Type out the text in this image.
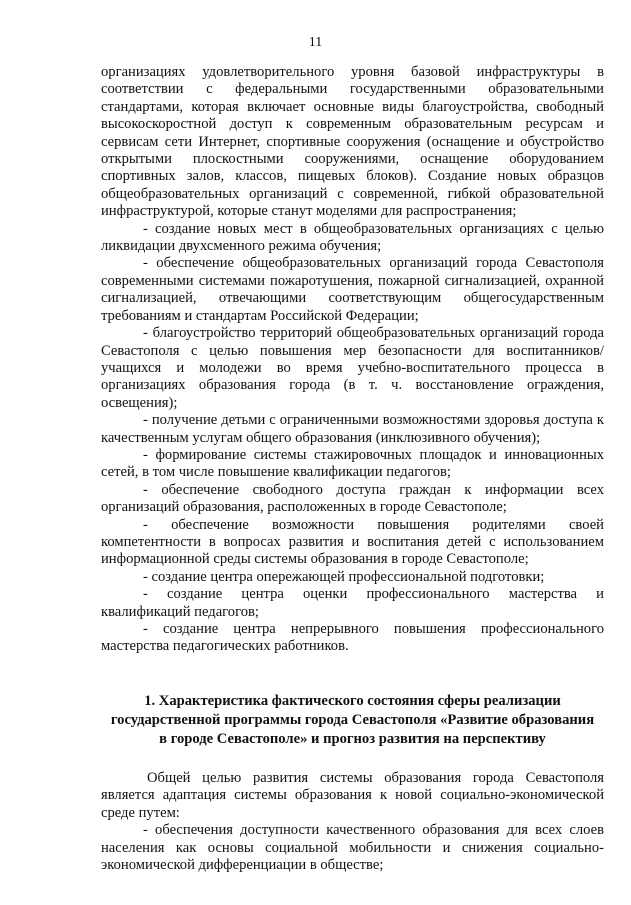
11

организациях удовлетворительного уровня базовой инфраструктуры в соответствии с федеральными государственными образовательными стандартами, которая включает основные виды благоустройства, свободный высокоскоростной доступ к современным образовательным ресурсам и сервисам сети Интернет, спортивные сооружения (оснащение и обустройство открытыми плоскостными сооружениями, оснащение оборудованием спортивных залов, классов, пищевых блоков). Создание новых образцов общеобразовательных организаций с современной, гибкой образовательной инфраструктурой, которые станут моделями для распространения;

- создание новых мест в общеобразовательных организациях с целью ликвидации двухсменного режима обучения;

- обеспечение общеобразовательных организаций города Севастополя современными системами пожаротушения, пожарной сигнализацией, охранной сигнализацией, отвечающими соответствующим общегосударственным требованиям и стандартам Российской Федерации;

- благоустройство территорий общеобразовательных организаций города Севастополя с целью повышения мер безопасности для воспитанников/учащихся и молодежи во время учебно-воспитательного процесса в организациях образования города (в т. ч. восстановление ограждения, освещения);

- получение детьми с ограниченными возможностями здоровья доступа к качественным услугам общего образования (инклюзивного обучения);

- формирование системы стажировочных площадок и инновационных сетей, в том числе повышение квалификации педагогов;

- обеспечение свободного доступа граждан к информации всех организаций образования, расположенных в городе Севастополе;

- обеспечение возможности повышения родителями своей компетентности в вопросах развития и воспитания детей с использованием информационной среды системы образования в городе Севастополе;

- создание центра опережающей профессиональной подготовки;

- создание центра оценки профессионального мастерства и квалификаций педагогов;

- создание центра непрерывного повышения профессионального мастерства педагогических работников.

1. Характеристика фактического состояния сферы реализации
государственной программы города Севастополя «Развитие образования
в городе Севастополе» и прогноз развития на перспективу

Общей целью развития системы образования города Севастополя является адаптация системы образования к новой социально-экономической среде путем:

- обеспечения доступности качественного образования для всех слоев населения как основы социальной мобильности и снижения социально-экономической дифференциации в обществе;
